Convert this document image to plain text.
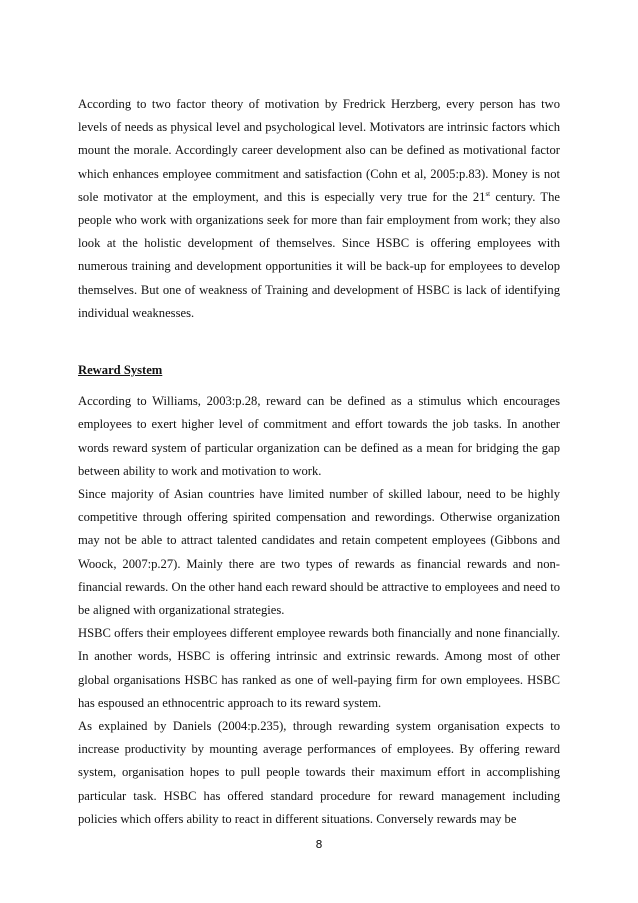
According to two factor theory of motivation by Fredrick Herzberg, every person has two levels of needs as physical level and psychological level. Motivators are intrinsic factors which mount the morale. Accordingly career development also can be defined as motivational factor which enhances employee commitment and satisfaction (Cohn et al, 2005:p.83). Money is not sole motivator at the employment, and this is especially very true for the 21st century. The people who work with organizations seek for more than fair employment from work; they also look at the holistic development of themselves. Since HSBC is offering employees with numerous training and development opportunities it will be back-up for employees to develop themselves. But one of weakness of Training and development of HSBC is lack of identifying individual weaknesses.

Reward System

According to Williams, 2003:p.28, reward can be defined as a stimulus which encourages employees to exert higher level of commitment and effort towards the job tasks. In another words reward system of particular organization can be defined as a mean for bridging the gap between ability to work and motivation to work.

Since majority of Asian countries have limited number of skilled labour, need to be highly competitive through offering spirited compensation and rewordings. Otherwise organization may not be able to attract talented candidates and retain competent employees (Gibbons and Woock, 2007:p.27). Mainly there are two types of rewards as financial rewards and non-financial rewards. On the other hand each reward should be attractive to employees and need to be aligned with organizational strategies.

HSBC offers their employees different employee rewards both financially and none financially. In another words, HSBC is offering intrinsic and extrinsic rewards. Among most of other global organisations HSBC has ranked as one of well-paying firm for own employees. HSBC has espoused an ethnocentric approach to its reward system.

As explained by Daniels (2004:p.235), through rewarding system organisation expects to increase productivity by mounting average performances of employees. By offering reward system, organisation hopes to pull people towards their maximum effort in accomplishing particular task. HSBC has offered standard procedure for reward management including policies which offers ability to react in different situations. Conversely rewards may be

8
